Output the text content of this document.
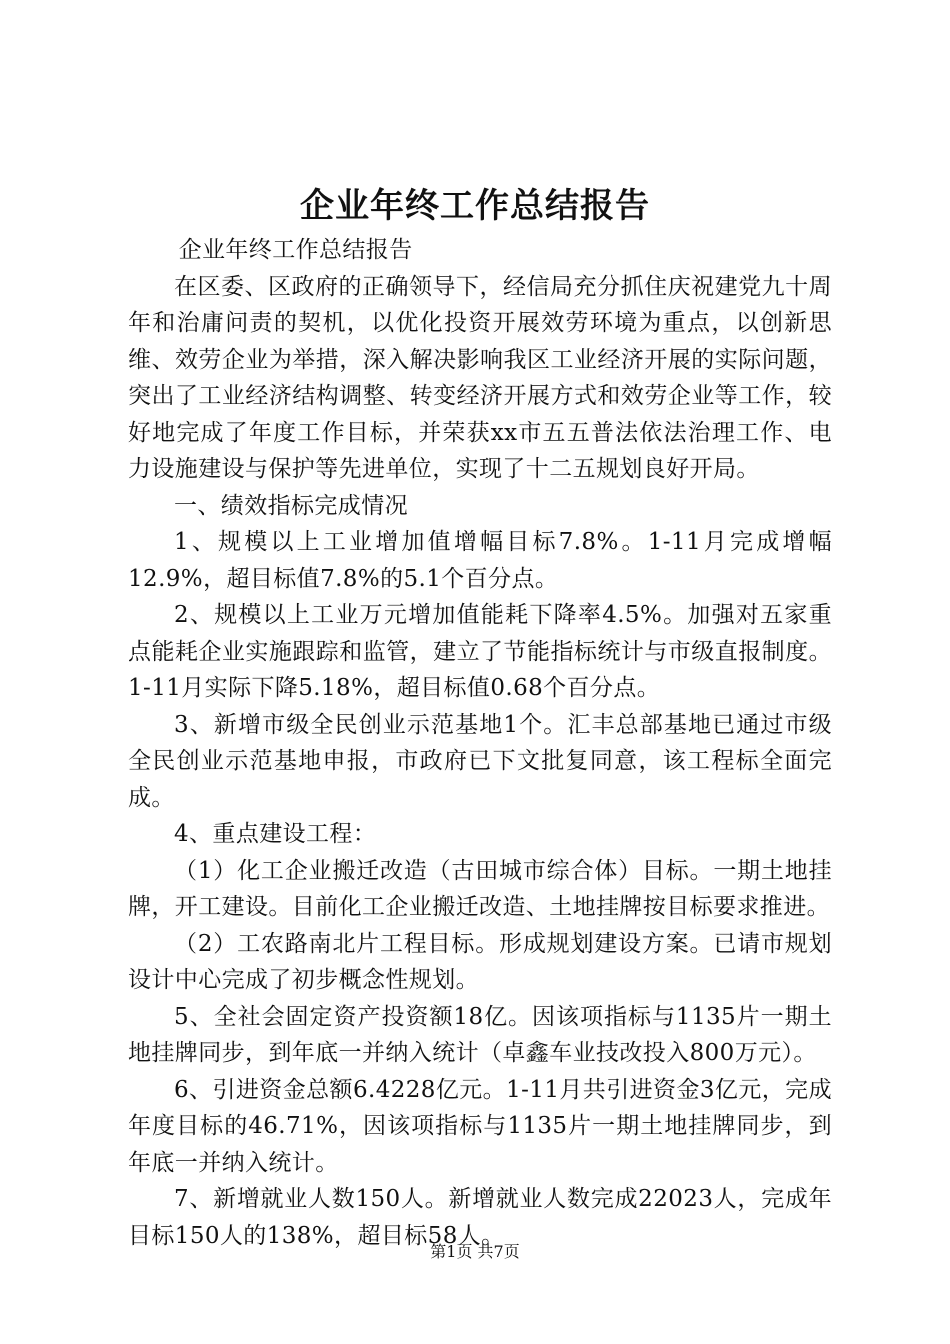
企业年终工作总结报告

企业年终工作总结报告

在区委、区政府的正确领导下，经信局充分抓住庆祝建党九十周年和治庸问责的契机，以优化投资开展效劳环境为重点，以创新思维、效劳企业为举措，深入解决影响我区工业经济开展的实际问题，突出了工业经济结构调整、转变经济开展方式和效劳企业等工作，较好地完成了年度工作目标，并荣获xx市五五普法依法治理工作、电力设施建设与保护等先进单位，实现了十二五规划良好开局。

一、绩效指标完成情况

1、规模以上工业增加值增幅目标7.8%。1-11月完成增幅12.9%，超目标值7.8%的5.1个百分点。

2、规模以上工业万元增加值能耗下降率4.5%。加强对五家重点能耗企业实施跟踪和监管，建立了节能指标统计与市级直报制度。1-11月实际下降5.18%，超目标值0.68个百分点。

3、新增市级全民创业示范基地1个。汇丰总部基地已通过市级全民创业示范基地申报，市政府已下文批复同意，该工程标全面完成。

4、重点建设工程：

（1）化工企业搬迁改造（古田城市综合体）目标。一期土地挂牌，开工建设。目前化工企业搬迁改造、土地挂牌按目标要求推进。

（2）工农路南北片工程目标。形成规划建设方案。已请市规划设计中心完成了初步概念性规划。

5、全社会固定资产投资额18亿。因该项指标与1135片一期土地挂牌同步，到年底一并纳入统计（卓鑫车业技改投入800万元）。

6、引进资金总额6.4228亿元。1-11月共引进资金3亿元，完成年度目标的46.71%，因该项指标与1135片一期土地挂牌同步，到年底一并纳入统计。

7、新增就业人数150人。新增就业人数完成22023人，完成年目标150人的138%，超目标58人。

第1页 共7页
